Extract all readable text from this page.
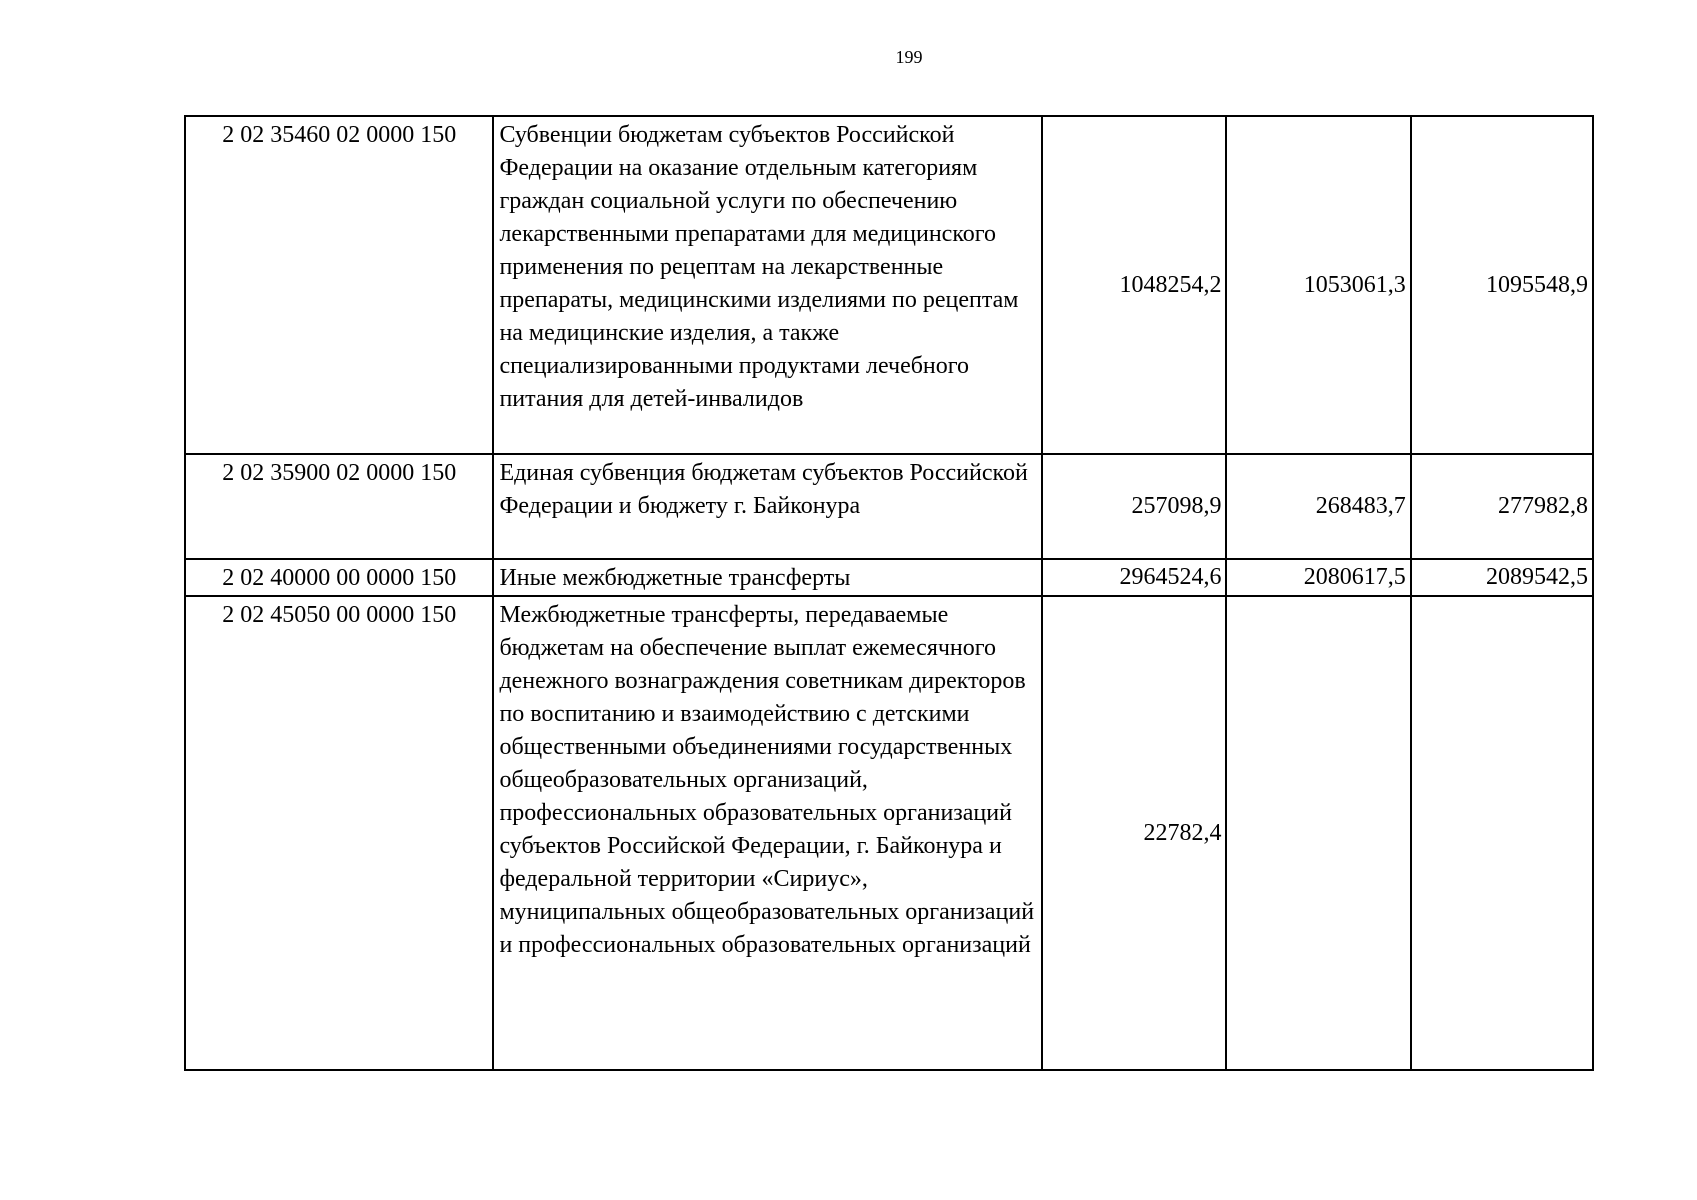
199
2 02 35460 02 0000 150	Субвенции бюджетам субъектов Российской Федерации на оказание отдельным категориям граждан социальной услуги по обеспечению лекарственными препаратами для медицинского применения по рецептам на лекарственные препараты, медицинскими изделиями по рецептам на медицинские изделия, а также специализированными продуктами лечебного питания для детей-инвалидов	1048254,2	1053061,3	1095548,9
2 02 35900 02 0000 150	Единая субвенция бюджетам субъектов Российской Федерации и бюджету г. Байконура	257098,9	268483,7	277982,8
2 02 40000 00 0000 150	Иные межбюджетные трансферты	2964524,6	2080617,5	2089542,5
2 02 45050 00 0000 150	Межбюджетные трансферты, передаваемые бюджетам на обеспечение выплат ежемесячного денежного вознаграждения советникам директоров по воспитанию и взаимодействию с детскими общественными объединениями государственных общеобразовательных организаций, профессиональных образовательных организаций субъектов Российской Федерации, г. Байконура и федеральной территории «Сириус», муниципальных общеобразовательных организаций и профессиональных образовательных организаций	22782,4		
